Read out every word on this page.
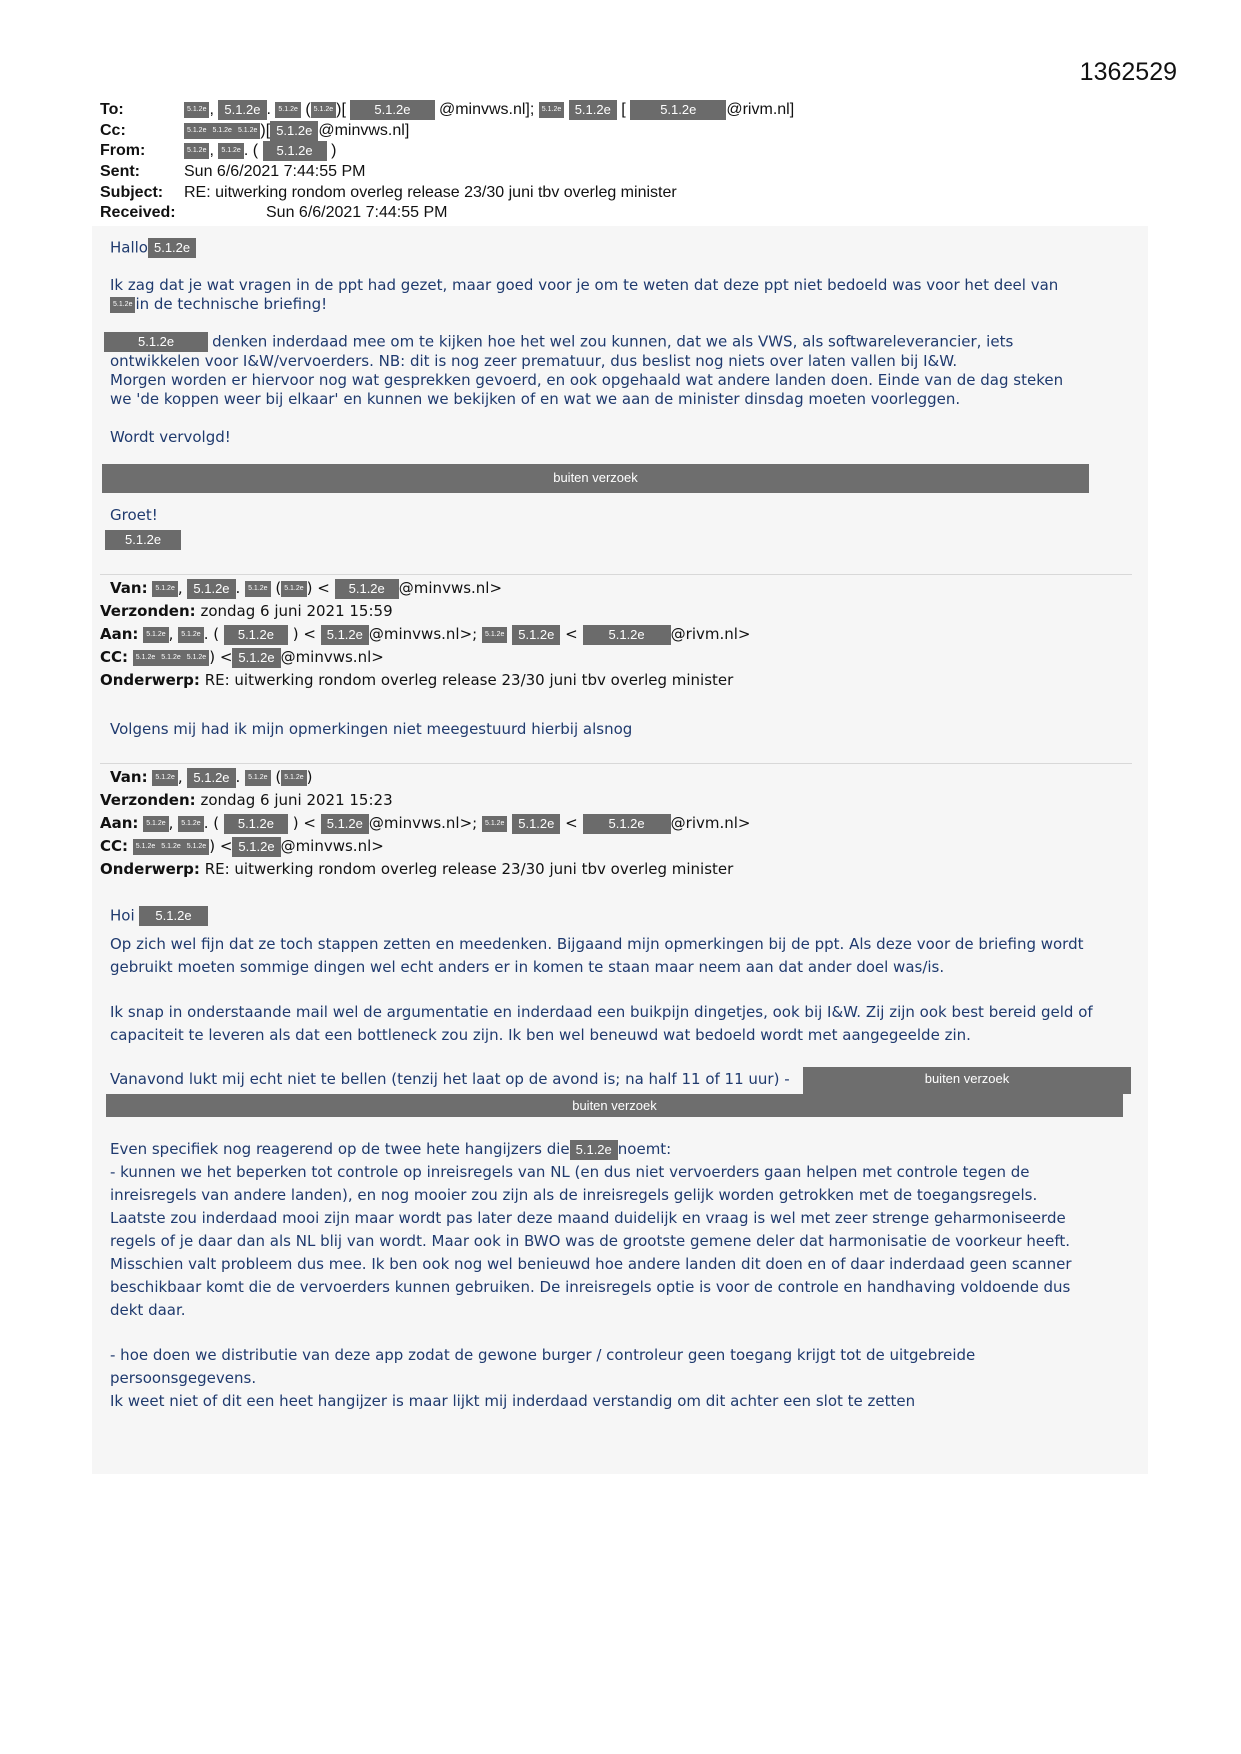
1362529
To:	5.1.2e , 5.1.2e . 5.1.2e ( 5.1.2e )[ 5.1.2e @minvws.nl]; 5.1.2e 5.1.2e [ 5.1.2e @rivm.nl]
Cc:	5.1.2e 5.1.2e 5.1.2e )[ 5.1.2e @minvws.nl]
From:	5.1.2e , 5.1.2e . ( 5.1.2e )
Sent:	Sun 6/6/2021 7:44:55 PM
Subject:	RE: uitwerking rondom overleg release 23/30 juni tbv overleg minister
Received:	Sun 6/6/2021 7:44:55 PM
Hallo 5.1.2e
Ik zag dat je wat vragen in de ppt had gezet, maar goed voor je om te weten dat deze ppt niet bedoeld was voor het deel van
5.1.2e in de technische briefing!
5.1.2e	denken inderdaad mee om te kijken hoe het wel zou kunnen, dat we als VWS, als softwareleverancier, iets
ontwikkelen voor I&W/vervoerders. NB: dit is nog zeer prematuur, dus beslist nog niets over laten vallen bij I&W.
Morgen worden er hiervoor nog wat gesprekken gevoerd, en ook opgehaald wat andere landen doen. Einde van de dag steken
we 'de koppen weer bij elkaar' en kunnen we bekijken of en wat we aan de minister dinsdag moeten voorleggen.
Wordt vervolgd!
buiten verzoek
Groet!
5.1.2e
Van: 5.1.2e , 5.1.2e . 5.1.2e ( 5.1.2e ) < 5.1.2e @minvws.nl>
Verzonden: zondag 6 juni 2021 15:59
Aan: 5.1.2e , 5.1.2e . ( 5.1.2e ) < 5.1.2e @minvws.nl>; 5.1.2e 5.1.2e < 5.1.2e @rivm.nl>
CC: 5.1.2e 5.1.2e 5.1.2e ) < 5.1.2e @minvws.nl>
Onderwerp: RE: uitwerking rondom overleg release 23/30 juni tbv overleg minister
Volgens mij had ik mijn opmerkingen niet meegestuurd hierbij alsnog
Van: 5.1.2e , 5.1.2e . 5.1.2e ( 5.1.2e )
Verzonden: zondag 6 juni 2021 15:23
Aan: 5.1.2e , 5.1.2e . ( 5.1.2e ) < 5.1.2e @minvws.nl>; 5.1.2e 5.1.2e < 5.1.2e @rivm.nl>
CC: 5.1.2e 5.1.2e 5.1.2e ) < 5.1.2e @minvws.nl>
Onderwerp: RE: uitwerking rondom overleg release 23/30 juni tbv overleg minister
Hoi 5.1.2e
Op zich wel fijn dat ze toch stappen zetten en meedenken. Bijgaand mijn opmerkingen bij de ppt. Als deze voor de briefing wordt
gebruikt moeten sommige dingen wel echt anders er in komen te staan maar neem aan dat ander doel was/is.
Ik snap in onderstaande mail wel de argumentatie en inderdaad een buikpijn dingetjes, ook bij I&W. Zij zijn ook best bereid geld of
capaciteit te leveren als dat een bottleneck zou zijn. Ik ben wel beneuwd wat bedoeld wordt met aangegeelde zin.
Vanavond lukt mij echt niet te bellen (tenzij het laat op de avond is; na half 11 of 11 uur) -	buiten verzoek
buiten verzoek
Even specifiek nog reagerend op de twee hete hangijzers die 5.1.2e noemt:
- kunnen we het beperken tot controle op inreisregels van NL (en dus niet vervoerders gaan helpen met controle tegen de
inreisregels van andere landen), en nog mooier zou zijn als de inreisregels gelijk worden getrokken met de toegangsregels.
Laatste zou inderdaad mooi zijn maar wordt pas later deze maand duidelijk en vraag is wel met zeer strenge geharmoniseerde
regels of je daar dan als NL blij van wordt. Maar ook in BWO was de grootste gemene deler dat harmonisatie de voorkeur heeft.
Misschien valt probleem dus mee. Ik ben ook nog wel benieuwd hoe andere landen dit doen en of daar inderdaad geen scanner
beschikbaar komt die de vervoerders kunnen gebruiken. De inreisregels optie is voor de controle en handhaving voldoende dus
dekt daar.
- hoe doen we distributie van deze app zodat de gewone burger / controleur geen toegang krijgt tot de uitgebreide
persoonsgegevens.
Ik weet niet of dit een heet hangijzer is maar lijkt mij inderdaad verstandig om dit achter een slot te zetten
